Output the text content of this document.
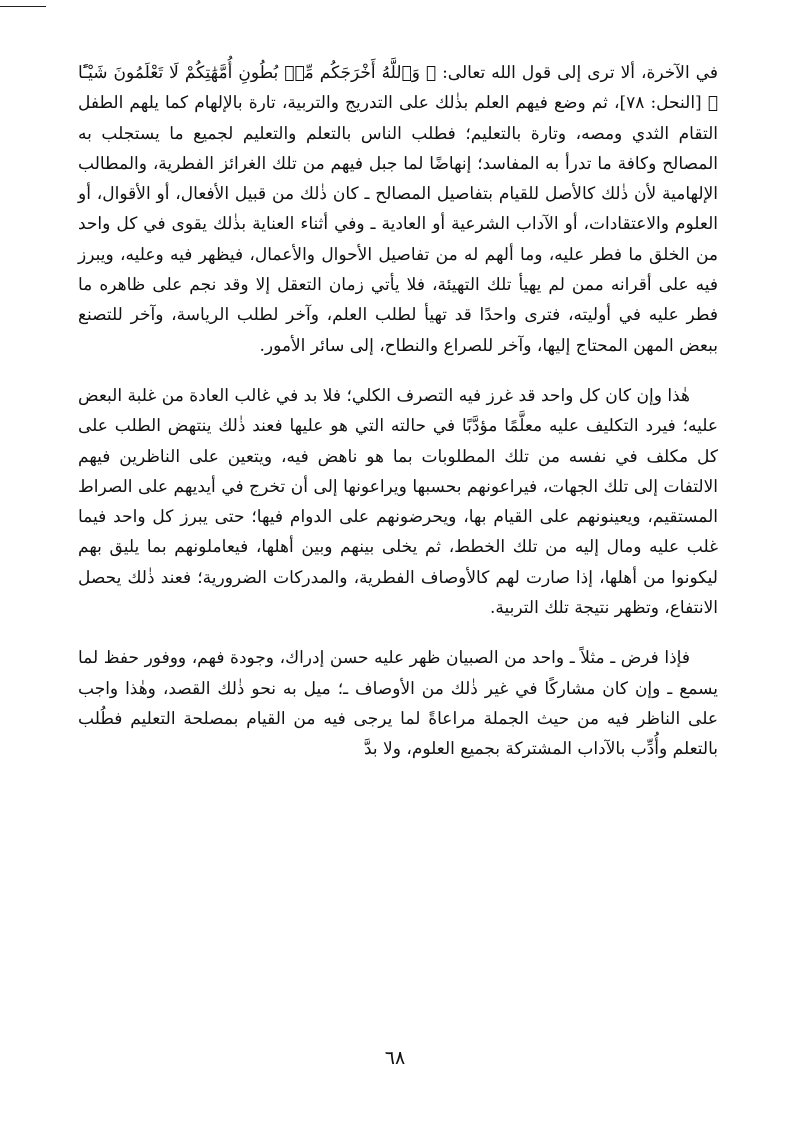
في الآخرة، ألا ترى إلى قول الله تعالى: ﴿ وَٱللَّهُ أَخْرَجَكُم مِّنۢ بُطُونِ أُمَّهَٰتِكُمْ لَا تَعْلَمُونَ شَيْـًٔا ﴾ [النحل: ٧٨]، ثم وضع فيهم العلم بذٰلك على التدريج والتربية، تارة بالإلهام كما يلهم الطفل التقام الثدي ومصه، وتارة بالتعليم؛ فطلب الناس بالتعلم والتعليم لجميع ما يستجلب به المصالح وكافة ما تدرأ به المفاسد؛ إنهاضًا لما جبل فيهم من تلك الغرائز الفطرية، والمطالب الإلهامية لأن ذٰلك كالأصل للقيام بتفاصيل المصالح ـ كان ذٰلك من قبيل الأفعال، أو الأقوال، أو العلوم والاعتقادات، أو الآداب الشرعية أو العادية ـ وفي أثناء العناية بذٰلك يقوى في كل واحد من الخلق ما فطر عليه، وما ألهم له من تفاصيل الأحوال والأعمال، فيظهر فيه وعليه، ويبرز فيه على أقرانه ممن لم يهيأ تلك التهيئة، فلا يأتي زمان التعقل إلا وقد نجم على ظاهره ما فطر عليه في أوليته، فترى واحدًا قد تهيأ لطلب العلم، وآخر لطلب الرياسة، وآخر للتصنع ببعض المهن المحتاج إليها، وآخر للصراع والنطاح، إلى سائر الأمور.

هٰذا وإن كان كل واحد قد غرز فيه التصرف الكلي؛ فلا بد في غالب العادة من غلبة البعض عليه؛ فيرد التكليف عليه معلَّمًا مؤدَّبًا في حالته التي هو عليها فعند ذٰلك ينتهض الطلب على كل مكلف في نفسه من تلك المطلوبات بما هو ناهض فيه، ويتعين على الناظرين فيهم الالتفات إلى تلك الجهات، فيراعونهم بحسبها ويراعونها إلى أن تخرج في أيديهم على الصراط المستقيم، ويعينونهم على القيام بها، ويحرضونهم على الدوام فيها؛ حتى يبرز كل واحد فيما غلب عليه ومال إليه من تلك الخطط، ثم يخلى بينهم وبين أهلها، فيعاملونهم بما يليق بهم ليكونوا من أهلها، إذا صارت لهم كالأوصاف الفطرية، والمدركات الضرورية؛ فعند ذٰلك يحصل الانتفاع، وتظهر نتيجة تلك التربية.

فإذا فرض ـ مثلاً ـ واحد من الصبيان ظهر عليه حسن إدراك، وجودة فهم، ووفور حفظ لما يسمع ـ وإن كان مشاركًا في غير ذٰلك من الأوصاف ـ؛ ميل به نحو ذٰلك القصد، وهٰذا واجب على الناظر فيه من حيث الجملة مراعاةً لما يرجى فيه من القيام بمصلحة التعليم فطُلب بالتعلم وأُدِّب بالآداب المشتركة بجميع العلوم، ولا بدَّ

٦٨
